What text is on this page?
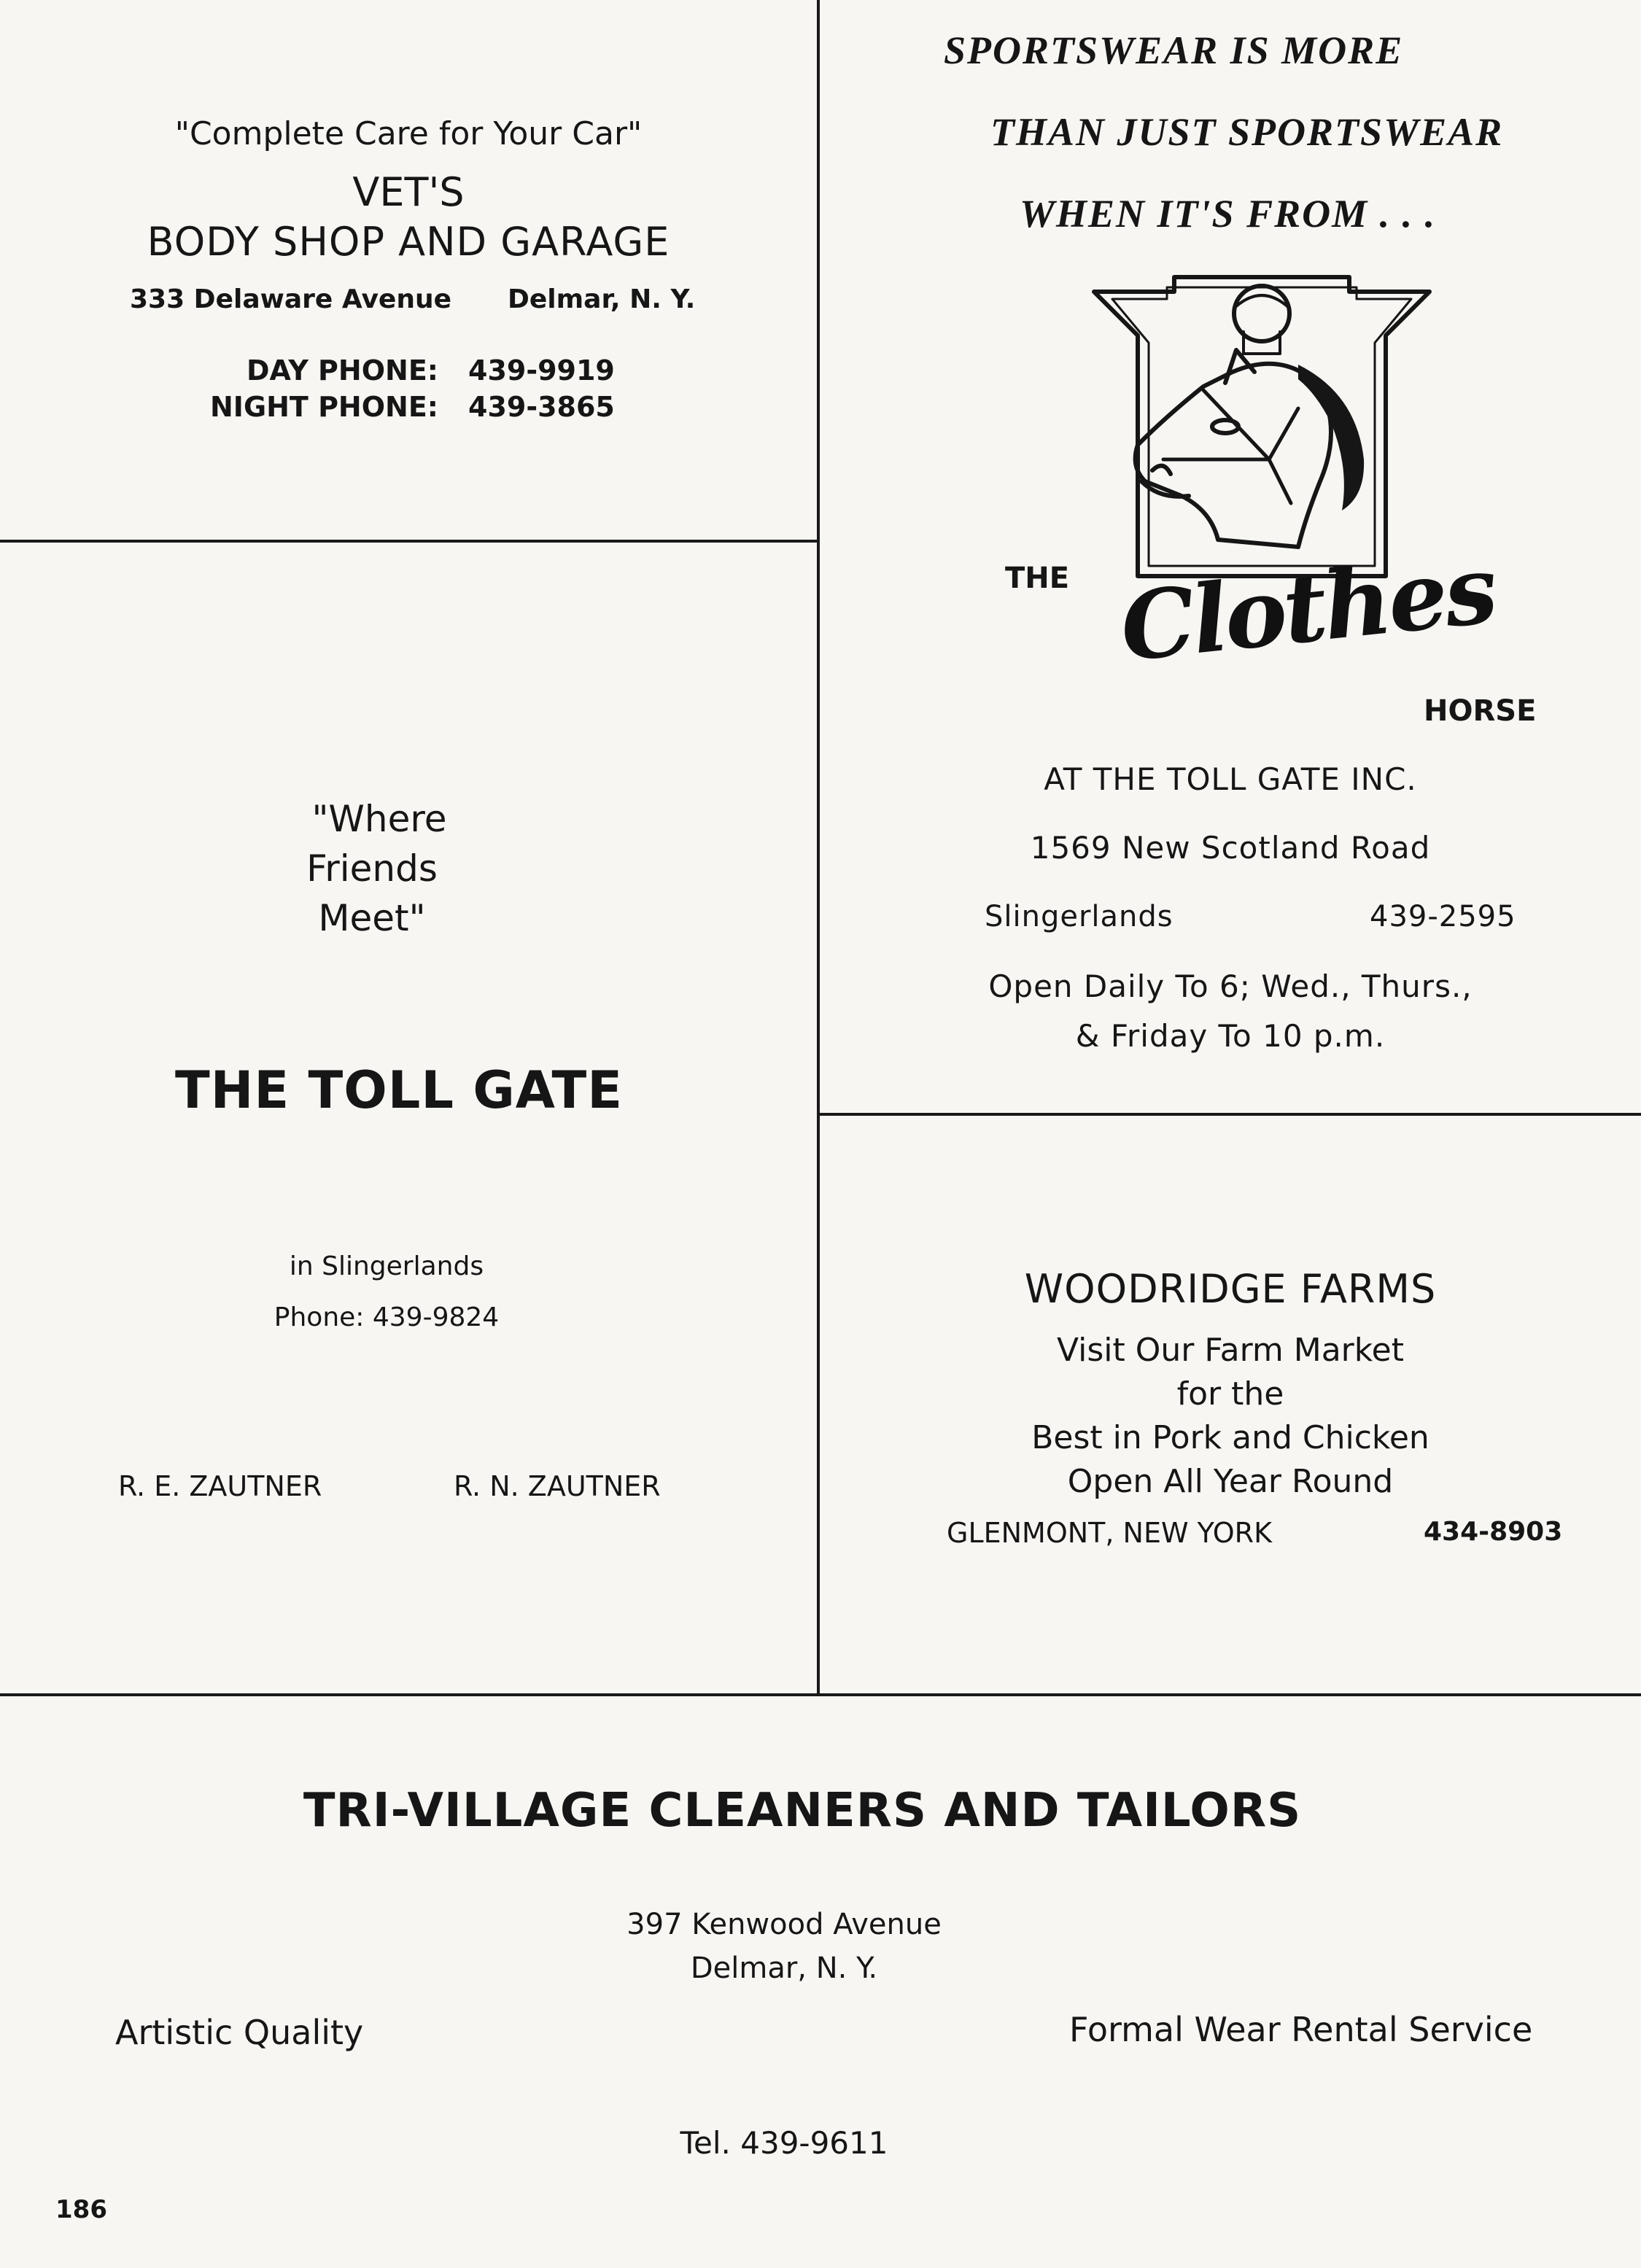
"Complete Care for Your Car"
VET'S
BODY SHOP AND GARAGE
333 Delaware Avenue Delmar, N. Y.
DAY PHONE: 439-9919
NIGHT PHONE: 439-3865
SPORTSWEAR IS MORE
THAN JUST SPORTSWEAR
WHEN IT'S FROM . . .
THE Clothes
HORSE
AT THE TOLL GATE INC.
1569 New Scotland Road
Slingerlands	439-2595
Open Daily To 6; Wed., Thurs.,
& Friday To 10 p.m.
"Where
Friends
Meet"
THE TOLL GATE
in Slingerlands
Phone: 439-9824
R. E. ZAUTNER	R. N. ZAUTNER
WOODRIDGE FARMS
Visit Our Farm Market
for the
Best in Pork and Chicken
Open All Year Round
GLENMONT, NEW YORK	434-8903
TRI-VILLAGE CLEANERS AND TAILORS
397 Kenwood Avenue
Delmar, N. Y.
Artistic Quality	Formal Wear Rental Service
Tel. 439-9611
186
